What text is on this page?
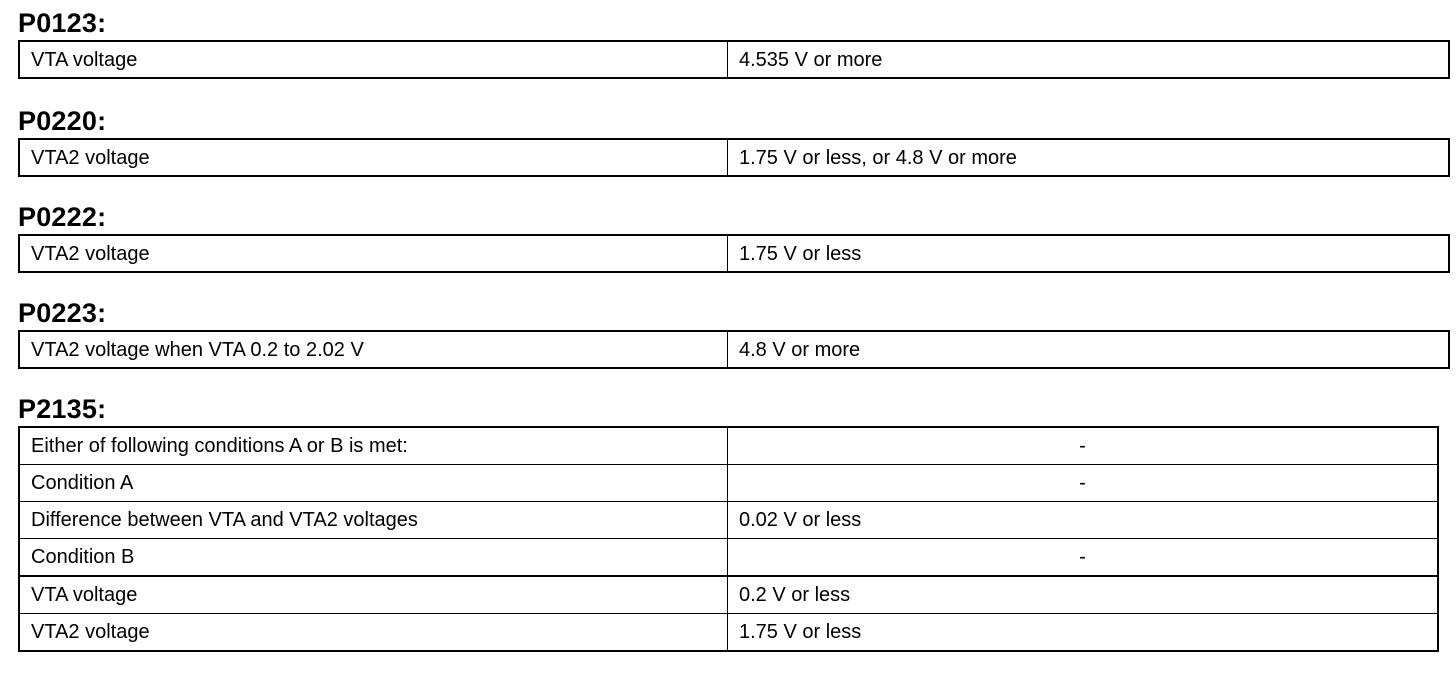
P0123:
VTA voltage	4.535 V or more
P0220:
VTA2 voltage	1.75 V or less, or 4.8 V or more
P0222:
VTA2 voltage	1.75 V or less
P0223:
VTA2 voltage when VTA 0.2 to 2.02 V	4.8 V or more
P2135:
Either of following conditions A or B is met:	-
Condition A	-
Difference between VTA and VTA2 voltages	0.02 V or less
Condition B	-
VTA voltage	0.2 V or less
VTA2 voltage	1.75 V or less
